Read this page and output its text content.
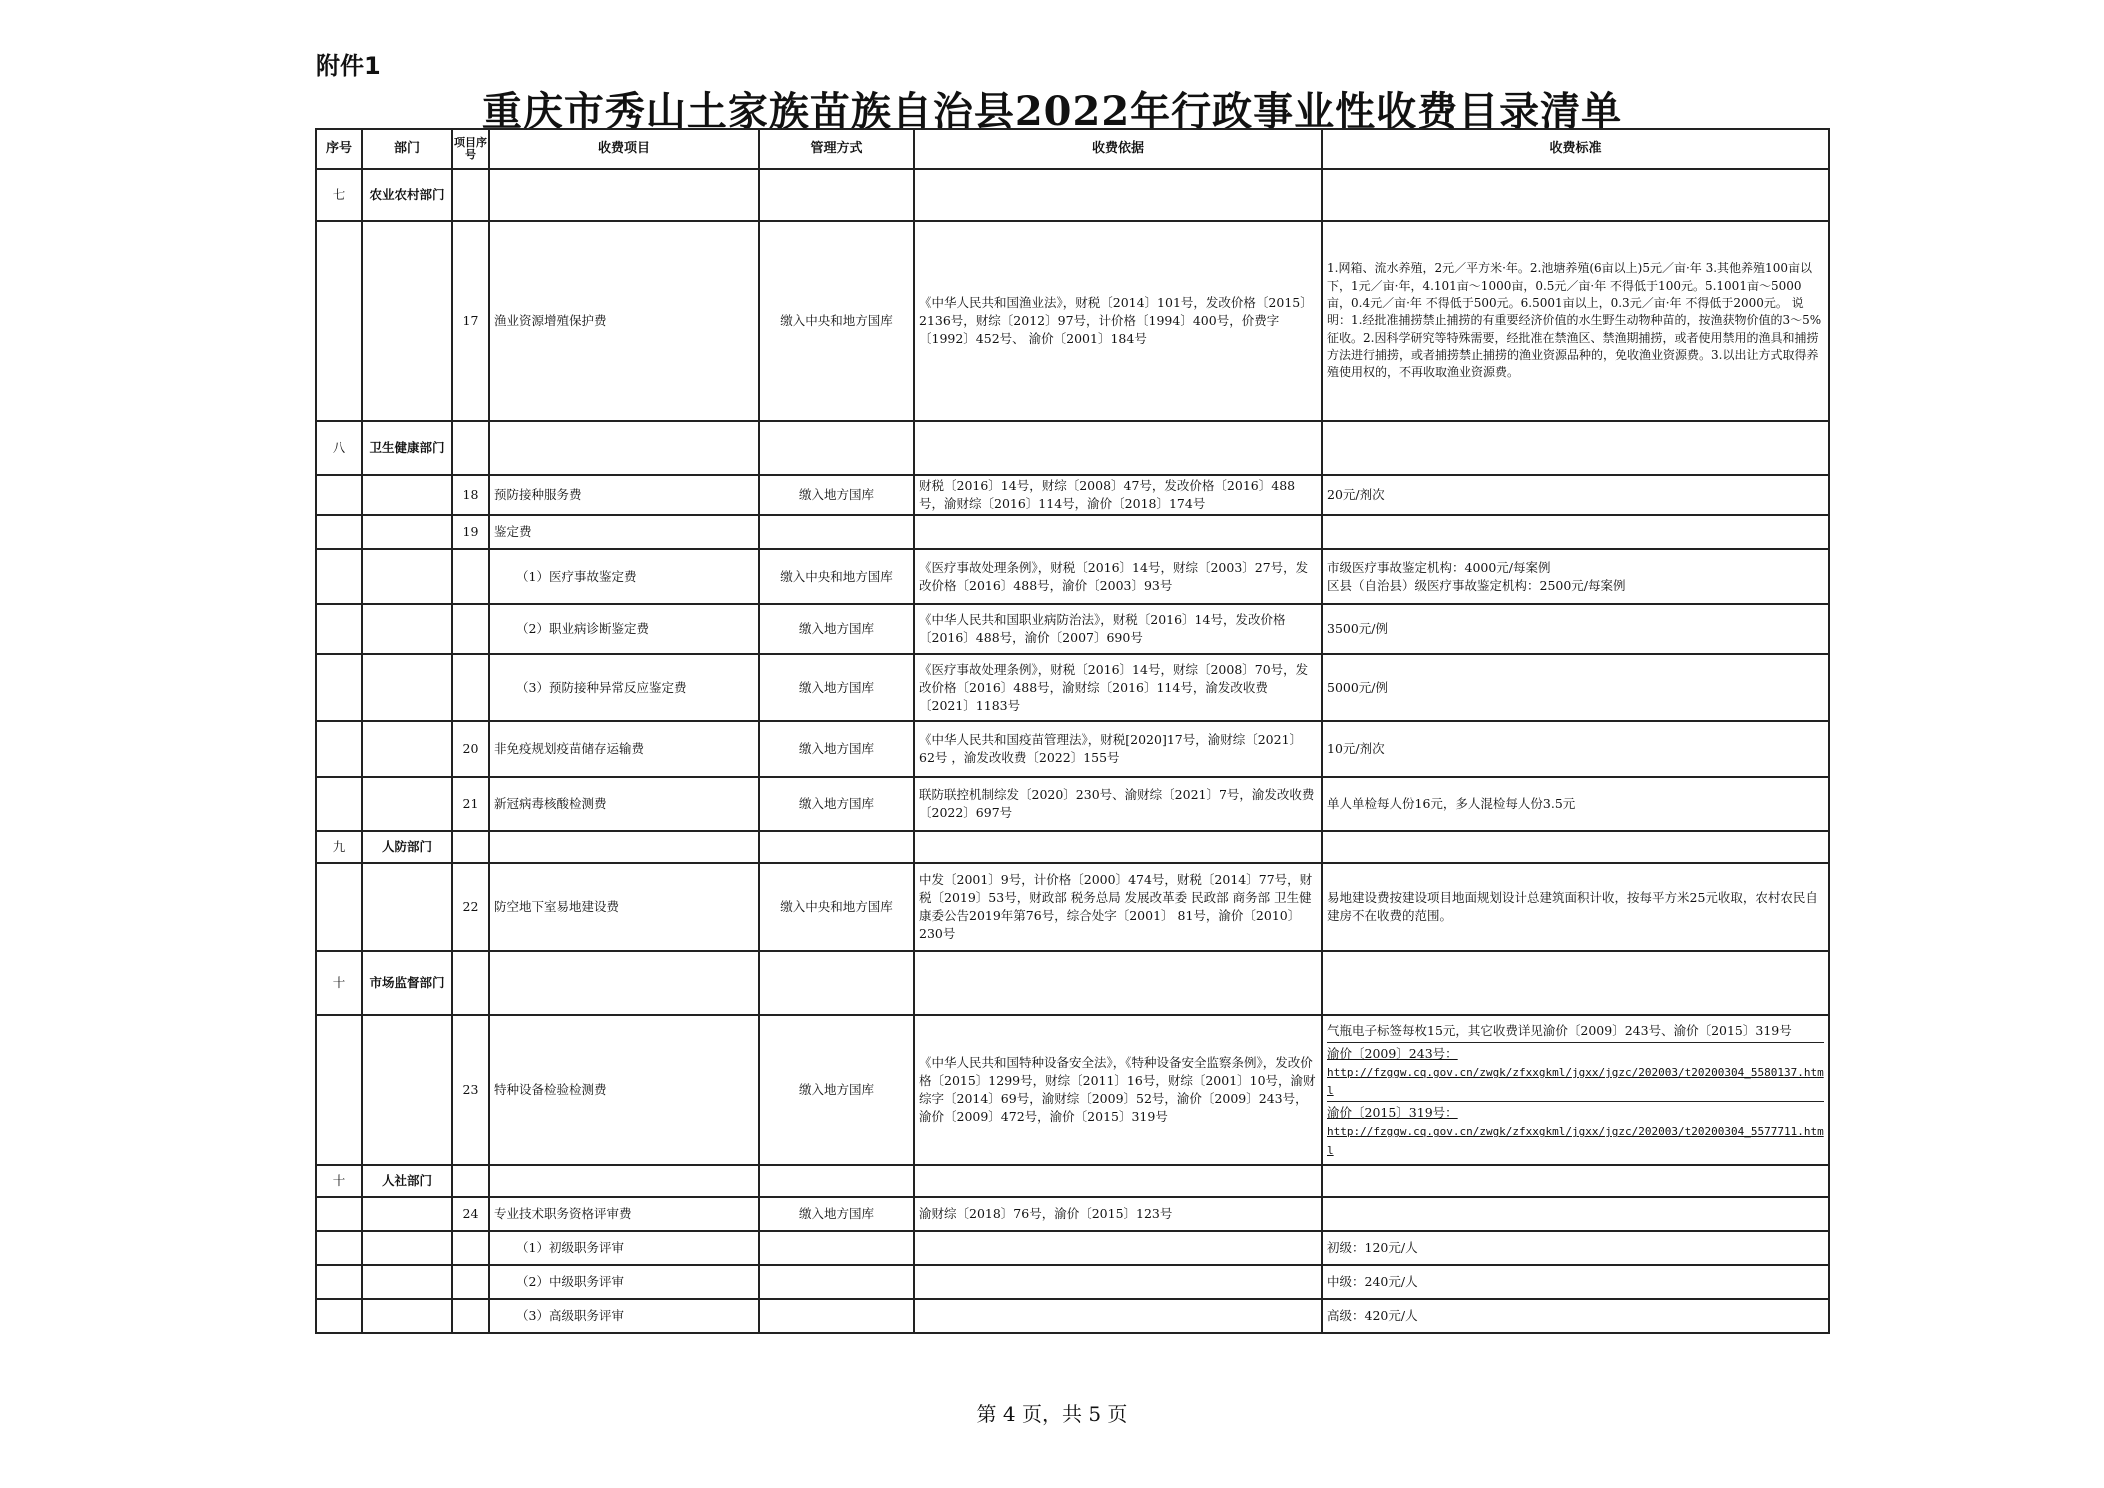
附件1
重庆市秀山土家族苗族自治县2022年行政事业性收费目录清单
序号	部门	项目序号	收费项目	管理方式	收费依据	收费标准
七	农业农村部门					
		17	渔业资源增殖保护费	缴入中央和地方国库	《中华人民共和国渔业法》，财税〔2014〕101号，发改价格〔2015〕2136号，财综〔2012〕97号，计价格〔1994〕400号，价费字〔1992〕452号、 渝价〔2001〕184号	1.网箱、流水养殖，2元／平方米·年。2.池塘养殖(6亩以上)5元／亩·年 3.其他养殖100亩以下，1元／亩·年，4.101亩～1000亩，0.5元／亩·年 不得低于100元。5.1001亩～5000亩，0.4元／亩·年 不得低于500元。6.5001亩以上，0.3元／亩·年 不得低于2000元。 说明：1.经批准捕捞禁止捕捞的有重要经济价值的水生野生动物种苗的，按渔获物价值的3～5%征收。2.因科学研究等特殊需要，经批准在禁渔区、禁渔期捕捞，或者使用禁用的渔具和捕捞方法进行捕捞，或者捕捞禁止捕捞的渔业资源品种的，免收渔业资源费。3.以出让方式取得养殖使用权的，不再收取渔业资源费。
八	卫生健康部门					
		18	预防接种服务费	缴入地方国库	财税〔2016〕14号，财综〔2008〕47号，发改价格〔2016〕488号，渝财综〔2016〕114号，渝价〔2018〕174号	20元/剂次
		19	鉴定费			
			（1）医疗事故鉴定费	缴入中央和地方国库	《医疗事故处理条例》，财税〔2016〕14号，财综〔2003〕27号，发改价格〔2016〕488号，渝价〔2003〕93号	市级医疗事故鉴定机构：4000元/每案例
区县（自治县）级医疗事故鉴定机构：2500元/每案例

			（2）职业病诊断鉴定费	缴入地方国库	《中华人民共和国职业病防治法》，财税〔2016〕14号，发改价格〔2016〕488号，渝价〔2007〕690号	3500元/例
			（3）预防接种异常反应鉴定费	缴入地方国库	《医疗事故处理条例》，财税〔2016〕14号，财综〔2008〕70号，发改价格〔2016〕488号，渝财综〔2016〕114号，渝发改收费〔2021〕1183号	5000元/例
		20	非免疫规划疫苗储存运输费	缴入地方国库	《中华人民共和国疫苗管理法》，财税[2020]17号，渝财综〔2021〕62号 ，渝发改收费〔2022〕155号	10元/剂次
		21	新冠病毒核酸检测费	缴入地方国库	联防联控机制综发〔2020〕230号、渝财综〔2021〕7号，渝发改收费〔2022〕697号	单人单检每人份16元，多人混检每人份3.5元
九	人防部门					
		22	防空地下室易地建设费	缴入中央和地方国库	中发〔2001〕9号，计价格〔2000〕474号，财税〔2014〕77号，财税〔2019〕53号，财政部 税务总局 发展改革委 民政部 商务部 卫生健康委公告2019年第76号，综合处字〔2001〕 81号，渝价〔2010〕230号	易地建设费按建设项目地面规划设计总建筑面积计收，按每平方米25元收取，农村农民自建房不在收费的范围。
十	市场监督部门					
		23	特种设备检验检测费	缴入地方国库	《中华人民共和国特种设备安全法》，《特种设备安全监察条例》，发改价格〔2015〕1299号，财综〔2011〕16号，财综〔2001〕10号，渝财综字〔2014〕69号，渝财综〔2009〕52号，渝价〔2009〕243号，渝价〔2009〕472号，渝价〔2015〕319号	气瓶电子标签每枚15元，其它收费详见渝价〔2009〕243号、渝价〔2015〕319号
渝价〔2009〕243号：
http://fzggw.cq.gov.cn/zwgk/zfxxgkml/jgxx/jgzc/202003/t20200304_5580137.html
渝价〔2015〕319号：
http://fzggw.cq.gov.cn/zwgk/zfxxgkml/jgxx/jgzc/202003/t20200304_5577711.html

十	人社部门					
		24	专业技术职务资格评审费	缴入地方国库	渝财综〔2018〕76号，渝价〔2015〕123号	
			（1）初级职务评审			初级：120元/人
			（2）中级职务评审			中级：240元/人
			（3）高级职务评审			高级：420元/人
第 4 页，共 5 页
